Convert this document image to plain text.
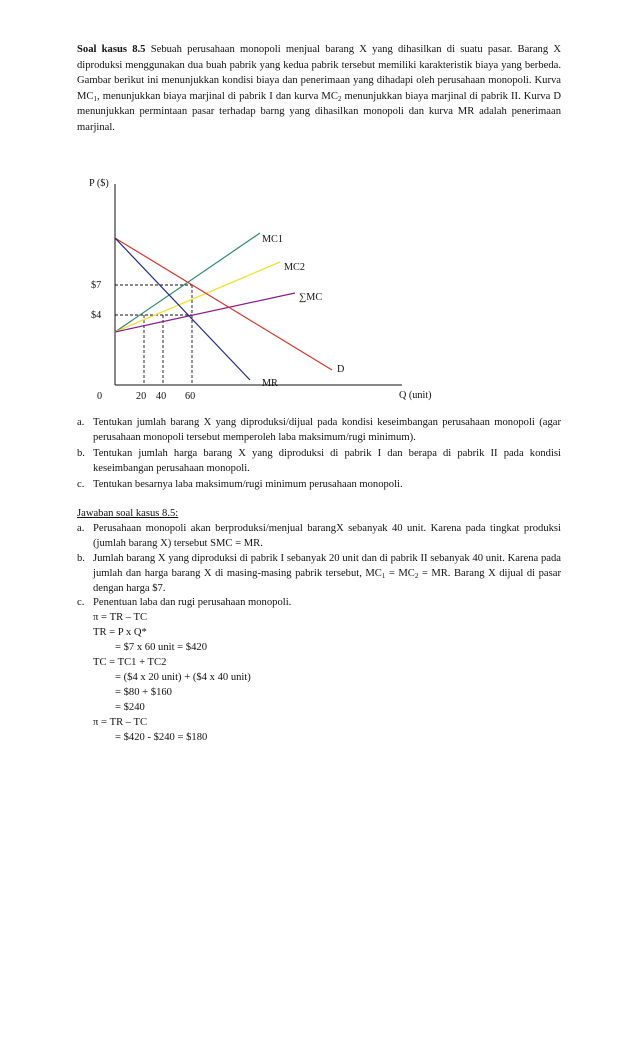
Soal kasus 8.5 Sebuah perusahaan monopoli menjual barang X yang dihasilkan di suatu pasar. Barang X diproduksi menggunakan dua buah pabrik yang kedua pabrik tersebut memiliki karakteristik biaya yang berbeda. Gambar berikut ini menunjukkan kondisi biaya dan penerimaan yang dihadapi oleh perusahaan monopoli. Kurva $MC_1$, menunjukkan biaya marjinal di pabrik I dan kurva $MC_2$ menunjukkan biaya marjinal di pabrik II. Kurva D menunjukkan permintaan pasar terhadap barng yang dihasilkan monopoli dan kurva MR adalah penerimaan marjinal.

P ($)
Q (unit)
MC1
MC2
∑MC
D
MR
$7
$4
0	20 40 60
a. Tentukan jumlah barang X yang diproduksi/dijual pada kondisi keseimbangan perusahaan monopoli (agar perusahaan monopoli tersebut memperoleh laba maksimum/rugi minimum).
b. Tentukan jumlah harga barang X yang diproduksi di pabrik I dan berapa di pabrik II pada kondisi keseimbangan perusahaan monopoli.
c. Tentukan besarnya laba maksimum/rugi minimum perusahaan monopoli.
Jawaban soal kasus 8.5:
a. Perusahaan monopoli akan berproduksi/menjual barangX sebanyak 40 unit. Karena pada tingkat produksi (jumlah barang X) tersebut SMC = MR.
b. Jumlah barang X yang diproduksi di pabrik I sebanyak 20 unit dan di pabrik II sebanyak 40 unit. Karena pada jumlah dan harga barang X di masing-masing pabrik tersebut, $MC_1 = MC_2$ = MR. Barang X dijual di pasar dengan harga $7.
c. Penentuan laba dan rugi perusahaan monopoli.
π = TR – TC
TR = P x Q*
= $7 x 60 unit = $420
TC = TC1 + TC2
= ($4 x 20 unit) + ($4 x 40 unit)
= $80 + $160
= $240
π = TR – TC
= $420 - $240 = $180
